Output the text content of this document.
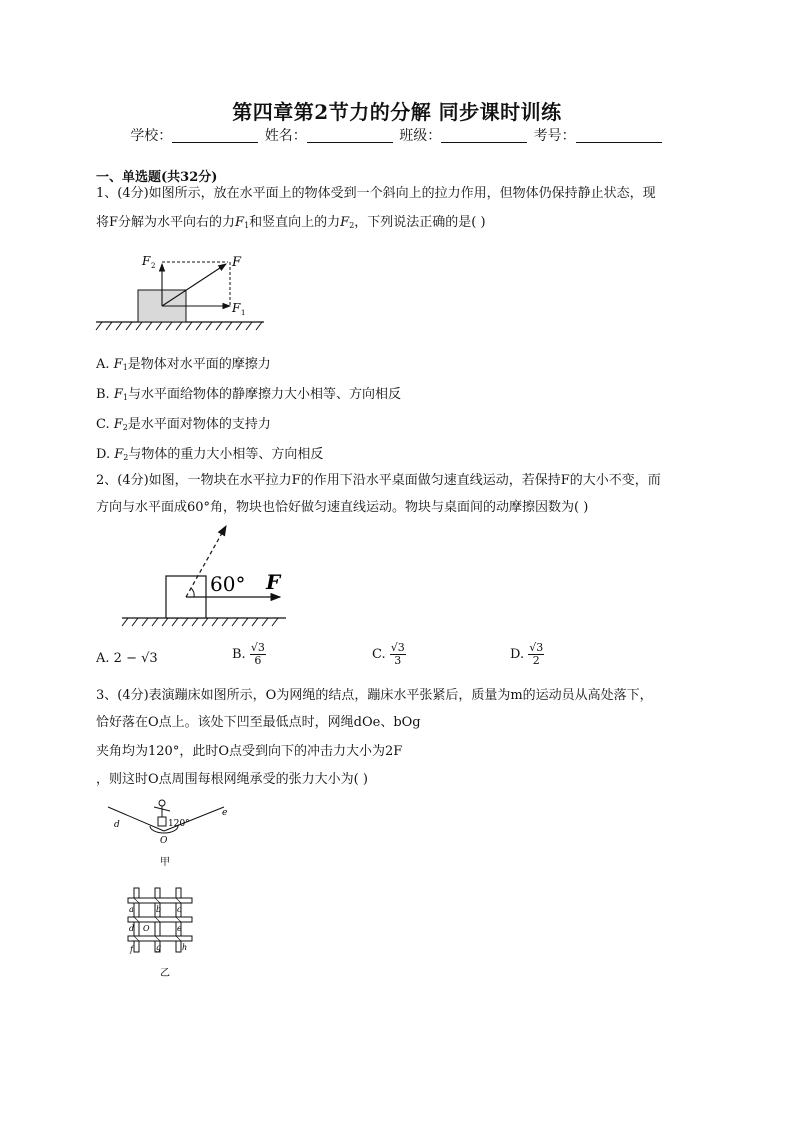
第四章第2节力的分解 同步课时训练
学校：	姓名：	班级：	考号：
一、单选题(共32分)
1、(4分)如图所示，放在水平面上的物体受到一个斜向上的拉力作用，但物体仍保持静止状态，现
将F分解为水平向右的力$F_1$和竖直向上的力$F_2$，下列说法正确的是( )
F 2	F
F 1
A. $F_1$是物体对水平面的摩擦力
B. $F_1$与水平面给物体的静摩擦力大小相等、方向相反
C. $F_2$是水平面对物体的支持力
D. $F_2$与物体的重力大小相等、方向相反
2、(4分)如图，一物块在水平拉力F的作用下沿水平桌面做匀速直线运动，若保持F的大小不变，而
方向与水平面成60°角，物块也恰好做匀速直线运动。物块与桌面间的动摩擦因数为( )
60° F
A. 2 − √3	B. $\frac{√3}{6}$	C. $\frac{√3}{3}$	D. $\frac{√3}{2}$
3、(4分)表演蹦床如图所示，O为网绳的结点，蹦床水平张紧后，质量为m的运动员从高处落下，
恰好落在O点上。该处下凹至最低点时，网绳dOe、bOg
夹角均为120°，此时O点受到向下的冲击力大小为2F
，则这时O点周围每根网绳承受的张力大小为( )
d
e
120°
O
甲
a	b c
d O	e
f	g	h
乙
